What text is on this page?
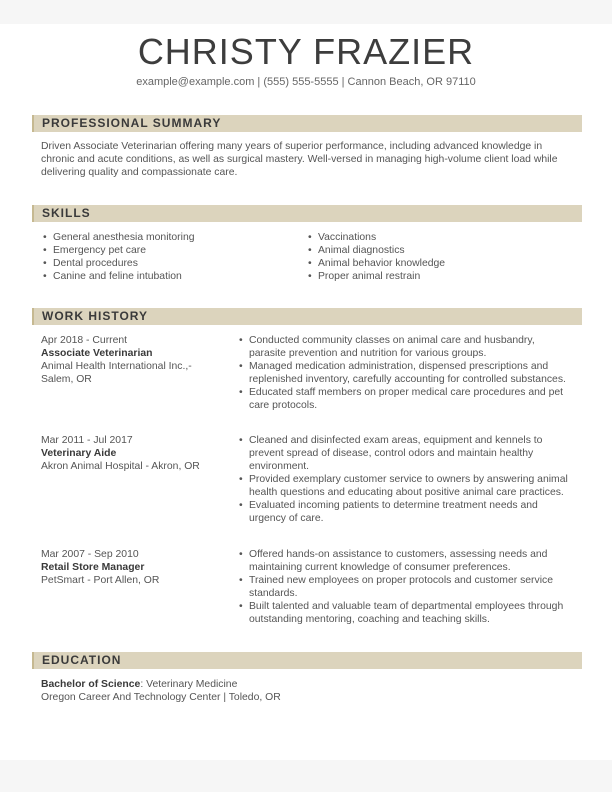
CHRISTY FRAZIER
example@example.com | (555) 555-5555 | Cannon Beach, OR 97110
PROFESSIONAL SUMMARY
Driven Associate Veterinarian offering many years of superior performance, including advanced knowledge in chronic and acute conditions, as well as surgical mastery. Well-versed in managing high-volume client load while delivering quality and compassionate care.
SKILLS
• General anesthesia monitoring
• Emergency pet care
• Dental procedures
• Canine and feline intubation
• Vaccinations
• Animal diagnostics
• Animal behavior knowledge
• Proper animal restrain
WORK HISTORY
Apr 2018 - Current
Associate Veterinarian
Animal Health International Inc.,- Salem, OR
• Conducted community classes on animal care and husbandry, parasite prevention and nutrition for various groups.
• Managed medication administration, dispensed prescriptions and replenished inventory, carefully accounting for controlled substances.
• Educated staff members on proper medical care procedures and pet care protocols.
Mar 2011 - Jul 2017
Veterinary Aide
Akron Animal Hospital - Akron, OR
• Cleaned and disinfected exam areas, equipment and kennels to prevent spread of disease, control odors and maintain healthy environment.
• Provided exemplary customer service to owners by answering animal health questions and educating about positive animal care practices.
• Evaluated incoming patients to determine treatment needs and urgency of care.
Mar 2007 - Sep 2010
Retail Store Manager
PetSmart - Port Allen, OR
• Offered hands-on assistance to customers, assessing needs and maintaining current knowledge of consumer preferences.
• Trained new employees on proper protocols and customer service standards.
• Built talented and valuable team of departmental employees through outstanding mentoring, coaching and teaching skills.
EDUCATION
Bachelor of Science: Veterinary Medicine
Oregon Career And Technology Center | Toledo, OR
